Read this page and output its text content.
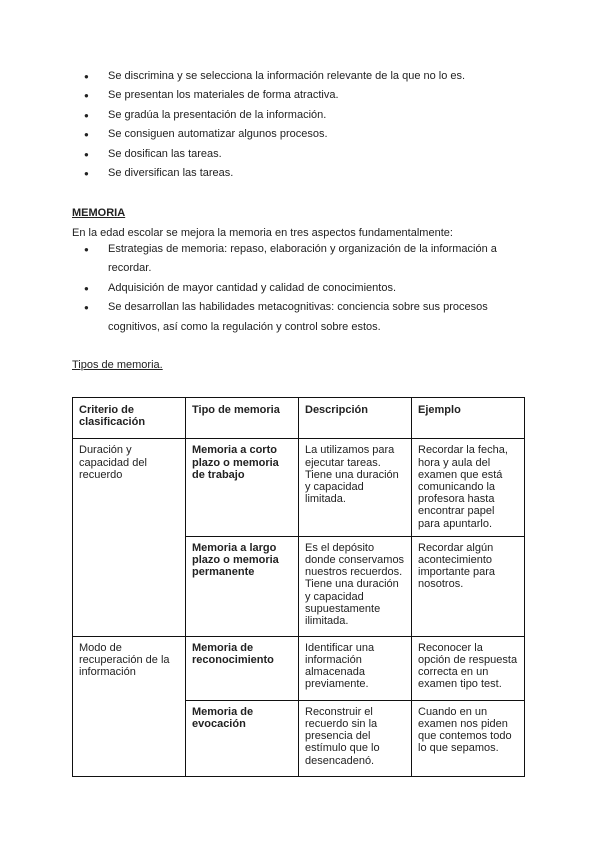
● Se discrimina y se selecciona la información relevante de la que no lo es.
● Se presentan los materiales de forma atractiva.
● Se gradúa la presentación de la información.
● Se consiguen automatizar algunos procesos.
● Se dosifican las tareas.
● Se diversifican las tareas.
MEMORIA
En la edad escolar se mejora la memoria en tres aspectos fundamentalmente:
● Estrategias de memoria: repaso, elaboración y organización de la información a recordar.
● Adquisición de mayor cantidad y calidad de conocimientos.
● Se desarrollan las habilidades metacognitivas: conciencia sobre sus procesos cognitivos, así como la regulación y control sobre estos.
Tipos de memoria.
Criterio de clasificación	Tipo de memoria	Descripción	Ejemplo
Duración y capacidad del recuerdo	Memoria a corto plazo o memoria de trabajo	La utilizamos para ejecutar tareas. Tiene una duración y capacidad limitada.	Recordar la fecha, hora y aula del examen que está comunicando la profesora hasta encontrar papel para apuntarlo.
	Memoria a largo plazo o memoria permanente	Es el depósito donde conservamos nuestros recuerdos. Tiene una duración y capacidad supuestamente ilimitada.	Recordar algún acontecimiento importante para nosotros.
Modo de recuperación de la información	Memoria de reconocimiento	Identificar una información almacenada previamente.	Reconocer la opción de respuesta correcta en un examen tipo test.
	Memoria de evocación	Reconstruir el recuerdo sin la presencia del estímulo que lo desencadenó.	Cuando en un examen nos piden que contemos todo lo que sepamos.
